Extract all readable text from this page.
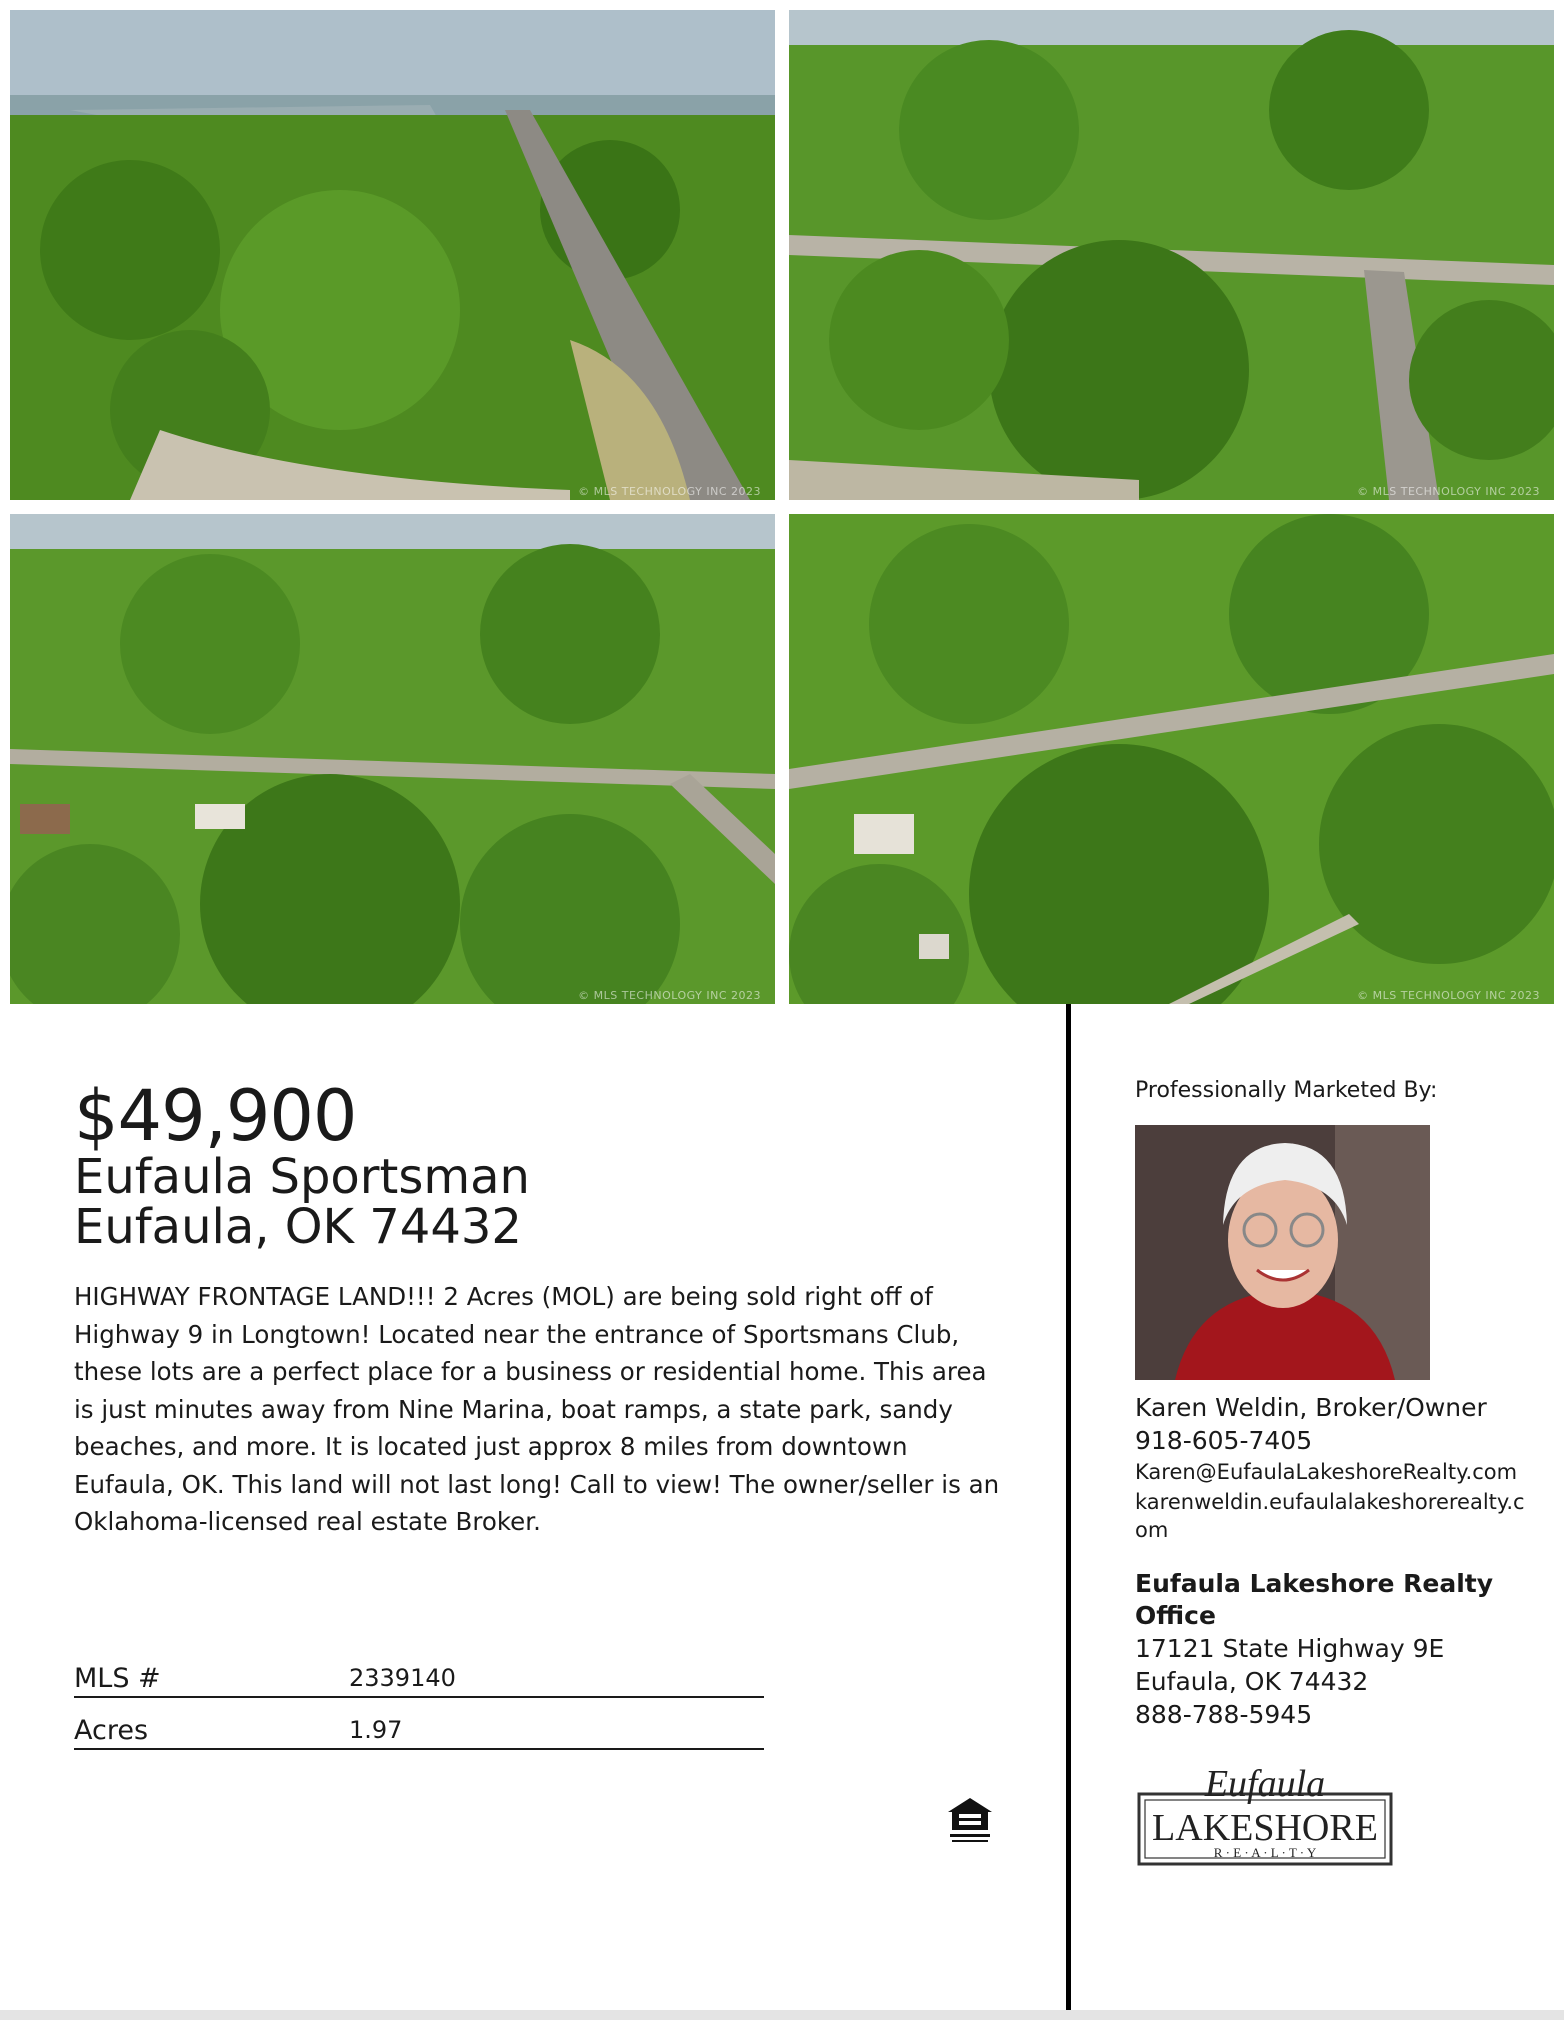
© MLS TECHNOLOGY INC 2023	© MLS TECHNOLOGY INC 2023
© MLS TECHNOLOGY INC 2023	© MLS TECHNOLOGY INC 2023
$49,900
Eufaula Sportsman
Eufaula, OK 74432
HIGHWAY FRONTAGE LAND!!! 2 Acres (MOL) are being sold right off of Highway 9 in Longtown! Located near the entrance of Sportsmans Club, these lots are a perfect place for a business or residential home. This area is just minutes away from Nine Marina, boat ramps, a state park, sandy beaches, and more. It is located just approx 8 miles from downtown Eufaula, OK. This land will not last long! Call to view! The owner/seller is an Oklahoma-licensed real estate Broker.
MLS #	2339140
Acres	1.97
Professionally Marketed By:
Karen Weldin, Broker/Owner
918-605-7405
Karen@EufaulaLakeshoreRealty.com
karenweldin.eufaulalakeshorerealty.com
Eufaula Lakeshore Realty Office
17121 State Highway 9E
Eufaula, OK 74432
888-788-5945
Eufaula
LAKESHORE
R · E · A · L · T · Y
